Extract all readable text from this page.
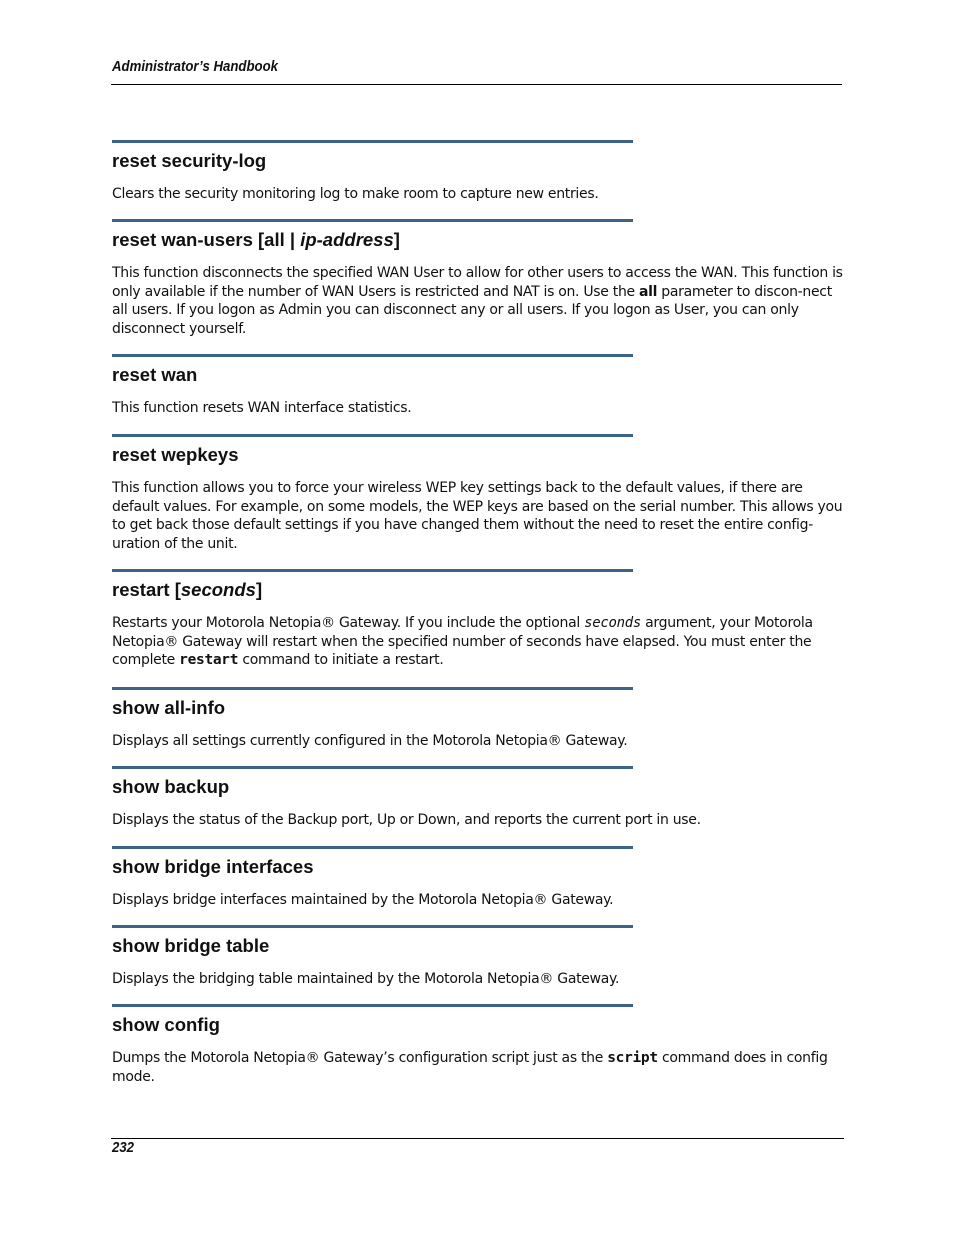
Administrator’s Handbook
reset security-log

Clears the security monitoring log to make room to capture new entries.

reset wan-users [all | ip-address]

This function disconnects the specified WAN User to allow for other users to access the WAN. This function is only available if the number of WAN Users is restricted and NAT is on. Use the all parameter to discon-nect all users. If you logon as Admin you can disconnect any or all users. If you logon as User, you can only disconnect yourself.

reset wan

This function resets WAN interface statistics.

reset wepkeys

This function allows you to force your wireless WEP key settings back to the default values, if there are default values. For example, on some models, the WEP keys are based on the serial number. This allows you to get back those default settings if you have changed them without the need to reset the entire config-uration of the unit.

restart [seconds]

Restarts your Motorola Netopia® Gateway. If you include the optional seconds argument, your Motorola Netopia® Gateway will restart when the specified number of seconds have elapsed. You must enter the complete restart command to initiate a restart.

show all-info

Displays all settings currently configured in the Motorola Netopia® Gateway.

show backup

Displays the status of the Backup port, Up or Down, and reports the current port in use.

show bridge interfaces

Displays bridge interfaces maintained by the Motorola Netopia® Gateway.

show bridge table

Displays the bridging table maintained by the Motorola Netopia® Gateway.

show config

Dumps the Motorola Netopia® Gateway’s configuration script just as the script command does in config mode.

232
